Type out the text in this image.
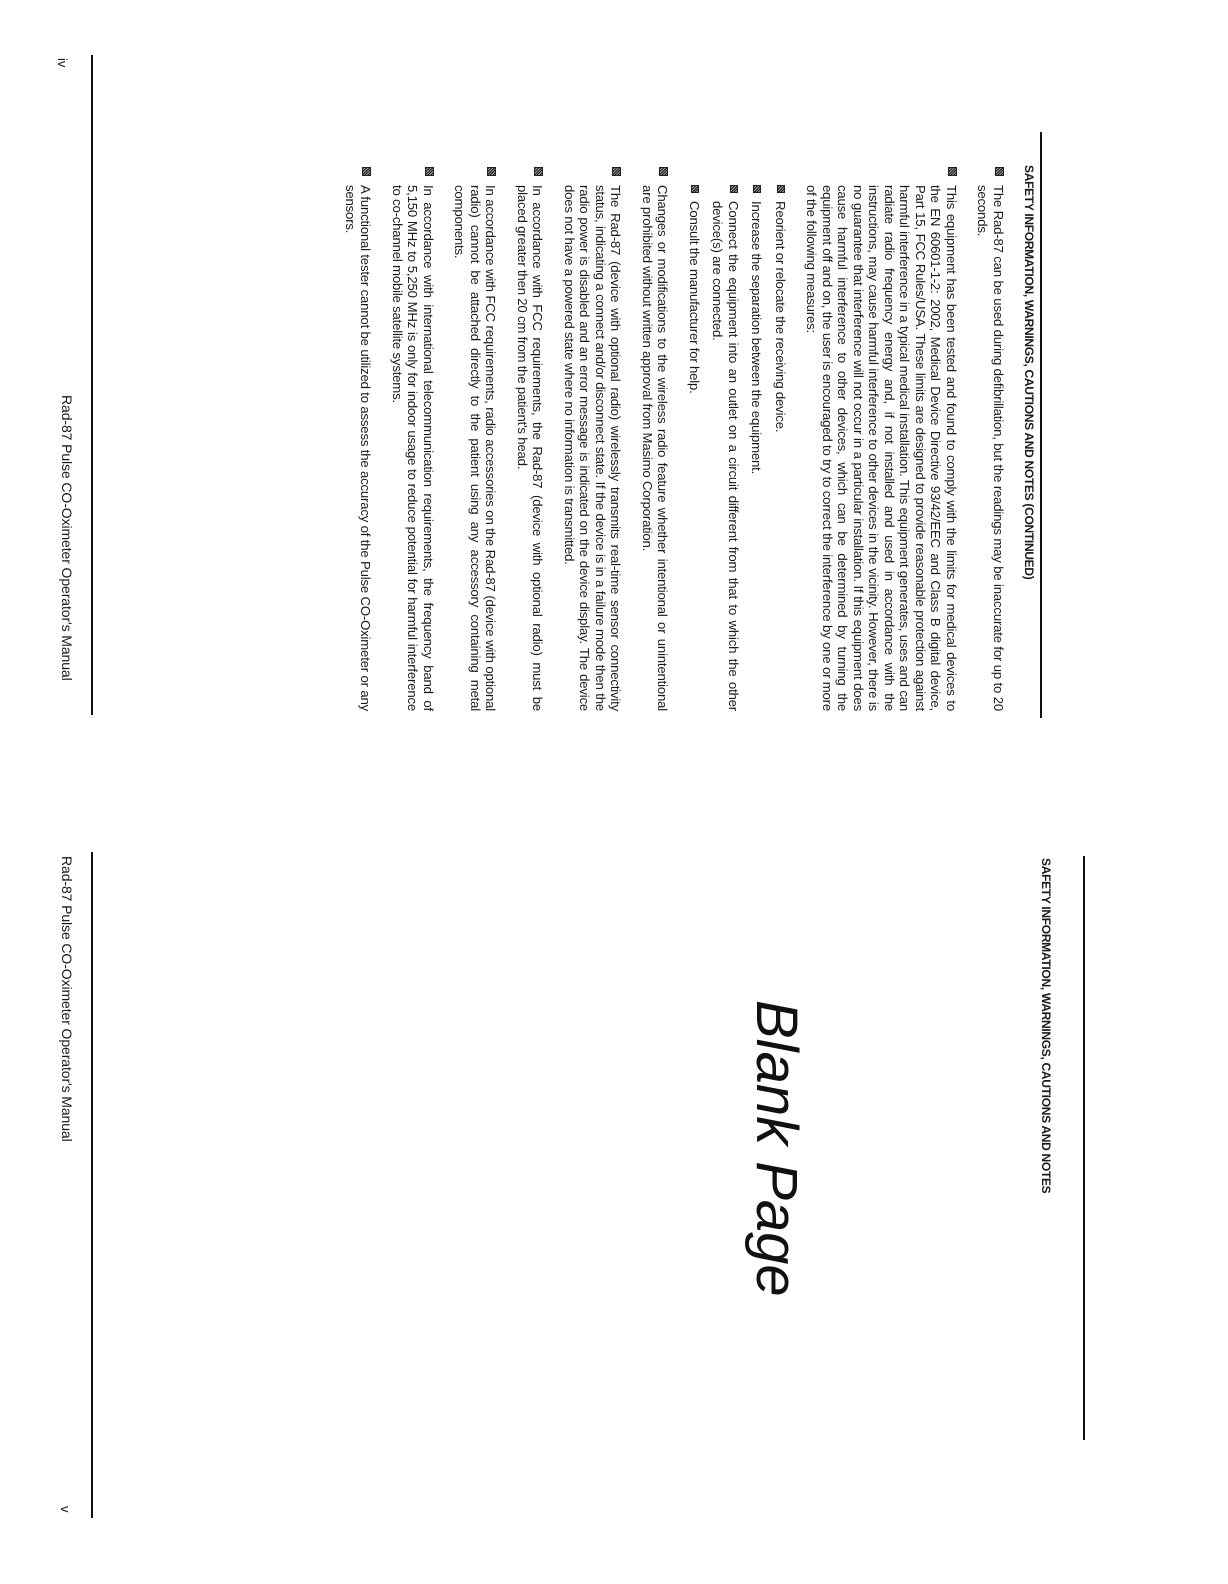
iv
Rad-87 Pulse CO-Oximeter Operator's Manual	SAFETY INFORMATION, WARNINGS, CAUTIONS AND NOTES (CONTINUED)
The Rad-87 can be used during defibrillation, but the readings may be inaccurate for up to 20 seconds.
This equipment has been tested and found to comply with the limits for medical devices to the EN 60601-1-2: 2002, Medical Device Directive 93/42/EEC and Class B digital device, Part 15, FCC Rules/USA. These limits are designed to provide reasonable protection against harmful interference in a typical medical installation. This equipment generates, uses and can radiate radio frequency energy and, if not installed and used in accordance with the instructions, may cause harmful interference to other devices in the vicinity. However, there is no guarantee that interference will not occur in a particular installation. If this equipment does cause harmful interference to other devices, which can be determined by turning the equipment off and on, the user is encouraged to try to correct the interference by one or more of the following measures:
Reorient or relocate the receiving device.
Increase the separation between the equipment.
Connect the equipment into an outlet on a circuit different from that to which the other device(s) are connected.
Consult the manufacturer for help.
Changes or modifications to the wireless radio feature whether intentional or unintentional are prohibited without written approval from Masimo Corporation.
The Rad-87 (device with optional radio) wirelessly transmits real-time sensor connectivity status, indicating a connect and/or disconnect state. If the device is in a failure mode then the radio power is disabled and an error message is indicated on the device display. The device does not have a powered state where no information is transmitted.
In accordance with FCC requirements, the Rad-87 (device with optional radio) must be placed greater then 20 cm from the patient's head.
In accordance with FCC requirements, radio accessories on the Rad-87 (device with optional radio) cannot be attached directly to the patient using any accessory containing metal components.
In accordance with international telecommunication requirements, the frequency band of 5,150 MHz to 5,250 MHz is only for indoor usage to reduce potential for harmful interference to co-channel mobile satellite systems.
A functional tester cannot be utilized to assess the accuracy of the Pulse CO-Oximeter or any sensors.
Rad-87 Pulse CO-Oximeter Operator's Manual
v
SAFETY INFORMATION, WARNINGS, CAUTIONS AND NOTES
Blank Page
